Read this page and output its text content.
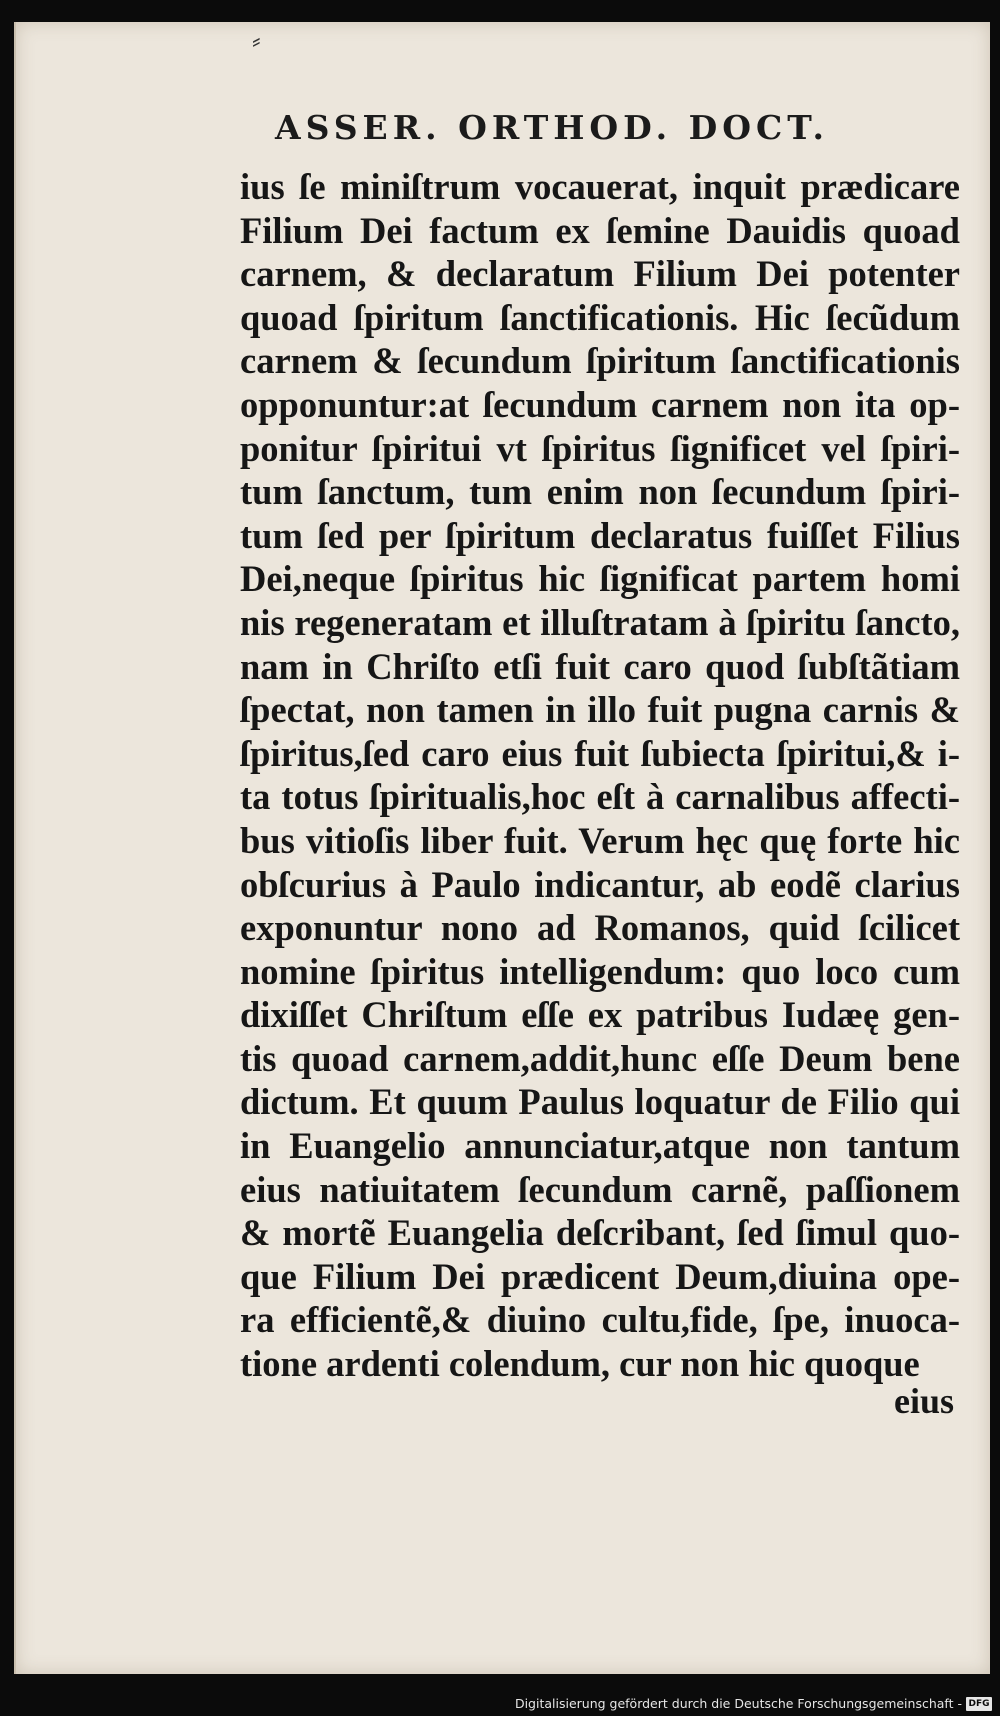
⸗
ASSER. ORTHOD. DOCT.
ius ſe miniſtrum vocauerat, inquit prædicare
Filium Dei factum ex ſemine Dauidis quoad
carnem, & declaratum Filium Dei potenter
quoad ſpiritum ſanctificationis. Hic ſecũdum
carnem & ſecundum ſpiritum ſanctificationis
opponuntur:at ſecundum carnem non ita op-
ponitur ſpiritui vt ſpiritus ſignificet vel ſpiri-
tum ſanctum, tum enim non ſecundum ſpiri-
tum ſed per ſpiritum declaratus fuiſſet Filius
Dei,neque ſpiritus hic ſignificat partem homi
nis regeneratam et illuſtratam à ſpiritu ſancto,
nam in Chriſto etſi fuit caro quod ſubſtãtiam
ſpectat, non tamen in illo fuit pugna carnis &
ſpiritus,ſed caro eius fuit ſubiecta ſpiritui,& i-
ta totus ſpiritualis,hoc eſt à carnalibus affecti-
bus vitioſis liber fuit. Verum hęc quę forte hic
obſcurius à Paulo indicantur, ab eodẽ clarius
exponuntur nono ad Romanos, quid ſcilicet
nomine ſpiritus intelligendum: quo loco cum
dixiſſet Chriſtum eſſe ex patribus Iudæę gen-
tis quoad carnem,addit,hunc eſſe Deum bene
dictum. Et quum Paulus loquatur de Filio qui
in Euangelio annunciatur,atque non tantum
eius natiuitatem ſecundum carnẽ, paſſionem
& mortẽ Euangelia deſcribant, ſed ſimul quo-
que Filium Dei prædicent Deum,diuina ope-
ra efficientẽ,& diuino cultu,fide, ſpe, inuoca-
tione ardenti colendum, cur non hic quoque
eius
Digitalisierung gefördert durch die Deutsche Forschungsgemeinschaft - DFG
